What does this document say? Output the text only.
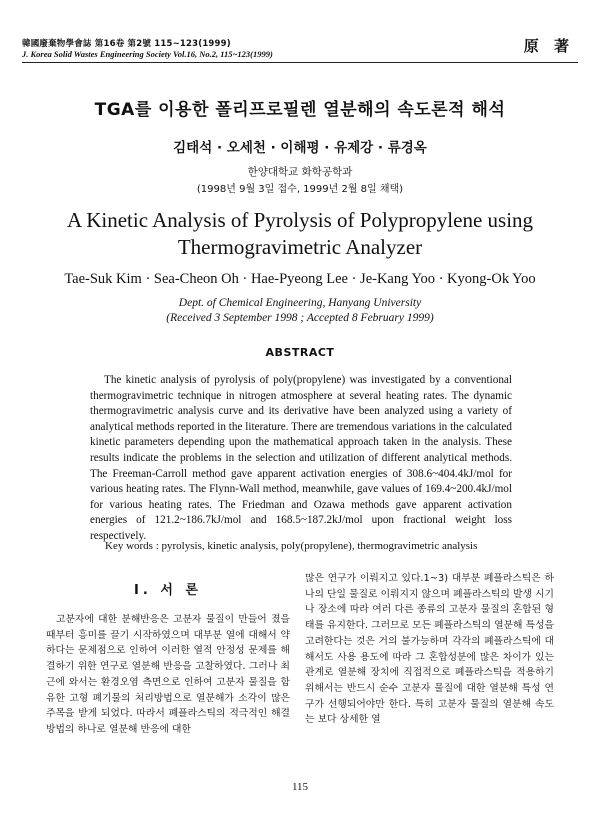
韓國廢棄物學會誌 第16卷 第2號 115~123(1999)
J. Korea Solid Wastes Engineering Society Vol.16, No.2, 115~123(1999)	原 著
TGA를 이용한 폴리프로필렌 열분해의 속도론적 해석
김태석 · 오세천 · 이해평 · 유제강 · 류경옥
한양대학교 화학공학과
(1998년 9월 3일 접수, 1999년 2월 8일 채택)
A Kinetic Analysis of Pyrolysis of Polypropylene using
Thermogravimetric Analyzer
Tae-Suk Kim · Sea-Cheon Oh · Hae-Pyeong Lee · Je-Kang Yoo · Kyong-Ok Yoo
Dept. of Chemical Engineering, Hanyang University
(Received 3 September 1998 ; Accepted 8 February 1999)
ABSTRACT
The kinetic analysis of pyrolysis of poly(propylene) was investigated by a conventional thermogravimetric technique in nitrogen atmosphere at several heating rates. The dynamic thermogravimetric analysis curve and its derivative have been analyzed using a variety of analytical methods reported in the literature. There are tremendous variations in the calculated kinetic parameters depending upon the mathematical approach taken in the analysis. These results indicate the problems in the selection and utilization of different analytical methods. The Freeman-Carroll method gave apparent activation energies of 308.6~404.4kJ/mol for various heating rates. The Flynn-Wall method, meanwhile, gave values of 169.4~200.4kJ/mol for various heating rates. The Friedman and Ozawa methods gave apparent activation energies of 121.2~186.7kJ/mol and 168.5~187.2kJ/mol upon fractional weight loss respectively.
Key words : pyrolysis, kinetic analysis, poly(propylene), thermogravimetric analysis
Ⅰ. 서 론

고분자에 대한 분해반응은 고분자 물질이 만들어 졌을 때부터 흥미를 끌기 시작하였으며 대부분 열에 대해서 약하다는 문제점으로 인하여 이러한 열적 안정성 문제를 해결하기 위한 연구로 열분해 반응을 고찰하였다. 그러나 최근에 와서는 환경오염 측면으로 인하여 고분자 물질을 함유한 고형 폐기물의 처리방법으로 열분해가 소각이 많은 주목을 받게 되었다. 따라서 폐플라스틱의 적극적인 해결방법의 하나로 열분해 반응에 대한

많은 연구가 이뤄지고 있다.1~3) 대부분 폐플라스틱은 하나의 단일 물질로 이뤄지지 않으며 폐플라스틱의 발생 시기나 장소에 따라 여러 다른 종류의 고분자 물질의 혼합된 형태를 유지한다. 그러므로 모든 폐플라스틱의 열분해 특성을 고려한다는 것은 거의 불가능하며 각각의 폐플라스틱에 대해서도 사용 용도에 따라 그 혼합성분에 많은 차이가 있는 관계로 열분해 장치에 직접적으로 폐플라스틱을 적용하기 위해서는 반드시 순수 고분자 물질에 대한 열분해 특성 연구가 선행되어야만 한다. 특히 고분자 물질의 열분해 속도는 보다 상세한 열

115
